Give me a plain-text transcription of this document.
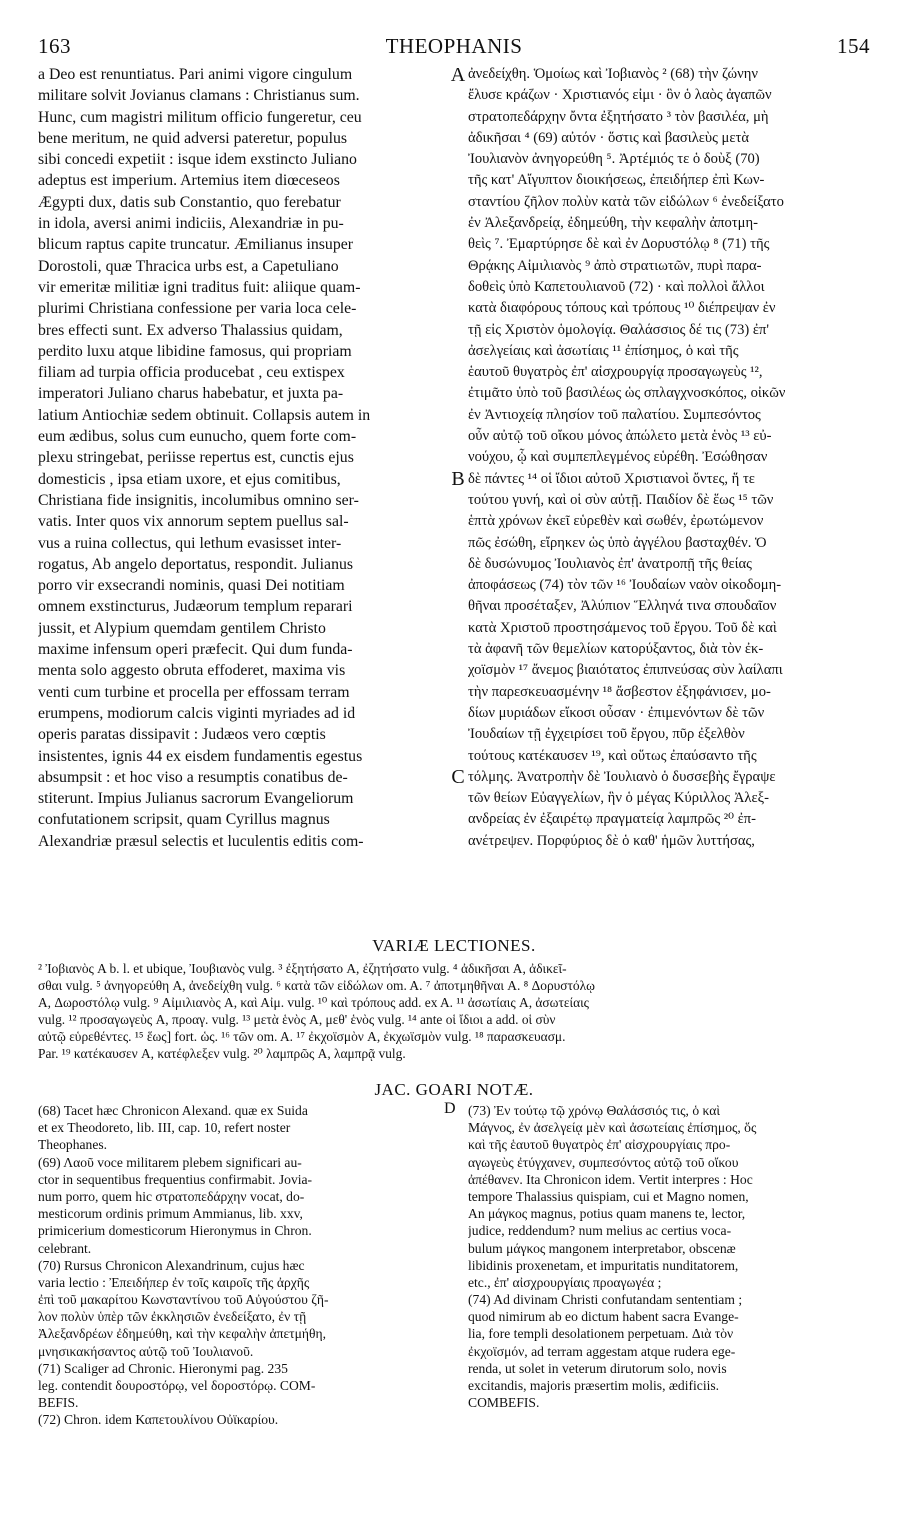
163	THEOPHANIS	154
a Deo est renuntiatus. Pari animi vigore cingulum
militare solvit Jovianus clamans : Christianus sum.
Hunc, cum magistri militum officio fungeretur, ceu
bene meritum, ne quid adversi pateretur, populus
sibi concedi expetiit : isque idem exstincto Juliano
adeptus est imperium. Artemius item diœceseos
Ægypti dux, datis sub Constantio, quo ferebatur
in idola, aversi animi indiciis, Alexandriæ in pu-
blicum raptus capite truncatur. Æmilianus insuper
Dorostoli, quæ Thracica urbs est, a Capetuliano
vir emeritæ militiæ igni traditus fuit: aliique quam-
plurimi Christiana confessione per varia loca cele-
bres effecti sunt. Ex adverso Thalassius quidam,
perdito luxu atque libidine famosus, qui propriam
filiam ad turpia officia producebat , ceu extispex
imperatori Juliano charus habebatur, et juxta pa-
latium Antiochiæ sedem obtinuit. Collapsis autem in
eum ædibus, solus cum eunucho, quem forte com-
plexu stringebat, periisse repertus est, cunctis ejus
domesticis , ipsa etiam uxore, et ejus comitibus,
Christiana fide insignitis, incolumibus omnino ser-
vatis. Inter quos vix annorum septem puellus sal-
vus a ruina collectus, qui lethum evasisset inter-
rogatus, Ab angelo deportatus, respondit. Julianus
porro vir exsecrandi nominis, quasi Dei notitiam
omnem exstincturus, Judæorum templum reparari
jussit, et Alypium quemdam gentilem Christo
maxime infensum operi præfecit. Qui dum funda-
menta solo aggesto obruta effoderet, maxima vis
venti cum turbine et procella per effossam terram
erumpens, modiorum calcis viginti myriades ad id
operis paratas dissipavit : Judæos vero cœptis
insistentes, ignis 44 ex eisdem fundamentis egestus
absumpsit : et hoc viso a resumptis conatibus de-
stiterunt. Impius Julianus sacrorum Evangeliorum
confutationem scripsit, quam Cyrillus magnus
Alexandriæ præsul selectis et luculentis editis com-
ἀνεδείχθη. Ὁμοίως καὶ Ἰοβιανὸς ² (68) τὴν ζώνην
ἔλυσε κράζων · Χριστιανός εἰμι · ὃν ὁ λαὸς ἀγαπῶν
στρατοπεδάρχην ὄντα ἐξητήσατο ³ τὸν βασιλέα, μὴ
ἀδικῆσαι ⁴ (69) αὐτόν · ὅστις καὶ βασιλεὺς μετὰ
Ἰουλιανὸν ἀνηγορεύθη ⁵. Ἀρτέμιός τε ὁ δοὺξ (70)
τῆς κατ' Αἴγυπτον διοικήσεως, ἐπειδήπερ ἐπὶ Κων-
σταντίου ζῆλον πολὺν κατὰ τῶν εἰδώλων ⁶ ἐνεδείξατο
ἐν Ἀλεξανδρείᾳ, ἐδημεύθη, τὴν κεφαλὴν ἀποτμη-
θεὶς ⁷. Ἐμαρτύρησε δὲ καὶ ἐν Δορυστόλῳ ⁸ (71) τῆς
Θρᾴκης Αἰμιλιανὸς ⁹ ἀπὸ στρατιωτῶν, πυρὶ παρα-
δοθεὶς ὑπὸ Καπετουλιανοῦ (72) · καὶ πολλοὶ ἄλλοι
κατὰ διαφόρους τόπους καὶ τρόπους ¹⁰ διέπρεψαν ἐν
τῇ εἰς Χριστὸν ὁμολογίᾳ. Θαλάσσιος δέ τις (73) ἐπ'
ἀσελγείαις καὶ ἀσωτίαις ¹¹ ἐπίσημος, ὁ καὶ τῆς
ἑαυτοῦ θυγατρὸς ἐπ' αἰσχρουργίᾳ προσαγωγεὺς ¹²,
ἐτιμᾶτο ὑπὸ τοῦ βασιλέως ὡς σπλαγχνοσκόπος, οἰκῶν
ἐν Ἀντιοχείᾳ πλησίον τοῦ παλατίου. Συμπεσόντος
οὖν αὐτῷ τοῦ οἴκου μόνος ἀπώλετο μετὰ ἑνὸς ¹³ εὐ-
νούχου, ᾧ καὶ συμπεπλεγμένος εὑρέθη. Ἐσώθησαν
δὲ πάντες ¹⁴ οἱ ἴδιοι αὐτοῦ Χριστιανοὶ ὄντες, ἥ τε
τούτου γυνή, καὶ οἱ σὺν αὐτῇ. Παιδίον δὲ ἕως ¹⁵ τῶν
ἑπτὰ χρόνων ἐκεῖ εὑρεθὲν καὶ σωθέν, ἐρωτώμενον
πῶς ἐσώθη, εἴρηκεν ὡς ὑπὸ ἀγγέλου βασταχθέν. Ὁ
δὲ δυσώνυμος Ἰουλιανὸς ἐπ' ἀνατροπῇ τῆς θείας
ἀποφάσεως (74) τὸν τῶν ¹⁶ Ἰουδαίων ναὸν οἰκοδομη-
θῆναι προσέταξεν, Ἀλύπιον Ἕλληνά τινα σπουδαῖον
κατὰ Χριστοῦ προστησάμενος τοῦ ἔργου. Τοῦ δὲ καὶ
τὰ ἀφανῆ τῶν θεμελίων κατορύξαντος, διὰ τὸν ἐκ-
χοϊσμὸν ¹⁷ ἄνεμος βιαιότατος ἐπιπνεύσας σὺν λαίλαπι
τὴν παρεσκευασμένην ¹⁸ ἄσβεστον ἐξηφάνισεν, μο-
δίων μυριάδων εἴκοσι οὖσαν · ἐπιμενόντων δὲ τῶν
Ἰουδαίων τῇ ἐγχειρίσει τοῦ ἔργου, πῦρ ἐξελθὸν
τούτους κατέκαυσεν ¹⁹, καὶ οὕτως ἐπαύσαντο τῆς
τόλμης. Ἀνατροπὴν δὲ Ἰουλιανὸ ὁ δυσσεβὴς ἔγραψε
τῶν θείων Εὐαγγελίων, ἣν ὁ μέγας Κύριλλος Ἀλεξ-
ανδρείας ἐν ἐξαιρέτῳ πραγματείᾳ λαμπρῶς ²⁰ ἐπ-
ανέτρεψεν. Πορφύριος δὲ ὁ καθ' ἡμῶν λυττήσας,
A
B
C
VARIÆ LECTIONES.
² Ἰοβιανὸς A b. l. et ubique, Ἰουβιανὸς vulg. ³ ἐξητήσατο A, ἐζητήσατο vulg. ⁴ ἀδικῆσαι A, ἀδικεῖ-
σθαι vulg. ⁵ ἀνηγορεύθη A, ἀνεδείχθη vulg. ⁶ κατὰ τῶν εἰδώλων om. A. ⁷ ἀποτμηθῆναι A. ⁸ Δορυστόλῳ
A, Δωροστόλῳ vulg. ⁹ Αἰμιλιανὸς A, καὶ Αἰμ. vulg. ¹⁰ καὶ τρόπους add. ex A. ¹¹ ἀσωτίαις A, ἀσωτείαις
vulg. ¹² προσαγωγεὺς A, προαγ. vulg. ¹³ μετὰ ἑνὸς A, μεθ' ἑνὸς vulg. ¹⁴ ante οἱ ἴδιοι a add. οἱ σὺν
αὐτῷ εὑρεθέντες. ¹⁵ ἕως] fort. ὡς. ¹⁶ τῶν om. A. ¹⁷ ἐκχοϊσμὸν A, ἐκχωϊσμὸν vulg. ¹⁸ παρασκευασμ.
Par. ¹⁹ κατέκαυσεν A, κατέφλεξεν vulg. ²⁰ λαμπρῶς A, λαμπρᾷ vulg.
JAC. GOARI NOTÆ.
D
(68) Tacet hæc Chronicon Alexand. quæ ex Suida
et ex Theodoreto, lib. III, cap. 10, refert noster
Theophanes.
(69) Λαοῦ voce militarem plebem significari au-
ctor in sequentibus frequentius confirmabit. Jovia-
num porro, quem hic στρατοπεδάρχην vocat, do-
mesticorum ordinis primum Ammianus, lib. xxv,
primicerium domesticorum Hieronymus in Chron.
celebrant.
(70) Rursus Chronicon Alexandrinum, cujus hæc
varia lectio : Ἐπειδήπερ ἐν τοῖς καιροῖς τῆς ἀρχῆς
ἐπὶ τοῦ μακαρίτου Κωνσταντίνου τοῦ Αὐγούστου ζῆ-
λον πολὺν ὑπὲρ τῶν ἐκκλησιῶν ἐνεδείξατο, ἐν τῇ
Ἀλεξανδρέων ἐδημεύθη, καὶ τὴν κεφαλὴν ἀπετμήθη,
μνησικακήσαντος αὐτῷ τοῦ Ἰουλιανοῦ.
(71) Scaliger ad Chronic. Hieronymi pag. 235
leg. contendit δουροστόρῳ, vel δοροστόρῳ. COM-
BEFIS.
(72) Chron. idem Καπετουλίνου Οὐϊκαρίου.
(73) Ἐν τούτῳ τῷ χρόνῳ Θαλάσσιός τις, ὁ καὶ
Μάγνος, ἐν ἀσελγείᾳ μὲν καὶ ἀσωτείαις ἐπίσημος, ὅς
καὶ τῆς ἑαυτοῦ θυγατρὸς ἐπ' αἰσχρουργίαις προ-
αγωγεὺς ἐτύγχανεν, συμπεσόντος αὐτῷ τοῦ οἴκου
ἀπέθανεν. Ita Chronicon idem. Vertit interpres : Hoc
tempore Thalassius quispiam, cui et Magno nomen,
An μάγκος magnus, potius quam manens te, lector,
judice, reddendum? num melius ac certius voca-
bulum μάγκος mangonem interpretabor, obscenæ
libidinis proxenetam, et impuritatis nunditatorem,
etc., ἐπ' αἰσχρουργίαις προαγωγέα ;
(74) Ad divinam Christi confutandam sententiam ;
quod nimirum ab eo dictum habent sacra Evange-
lia, fore templi desolationem perpetuam. Διὰ τὸν
ἐκχοϊσμόν, ad terram aggestam atque rudera ege-
renda, ut solet in veterum dirutorum solo, novis
excitandis, majoris præsertim molis, ædificiis.
COMBEFIS.
